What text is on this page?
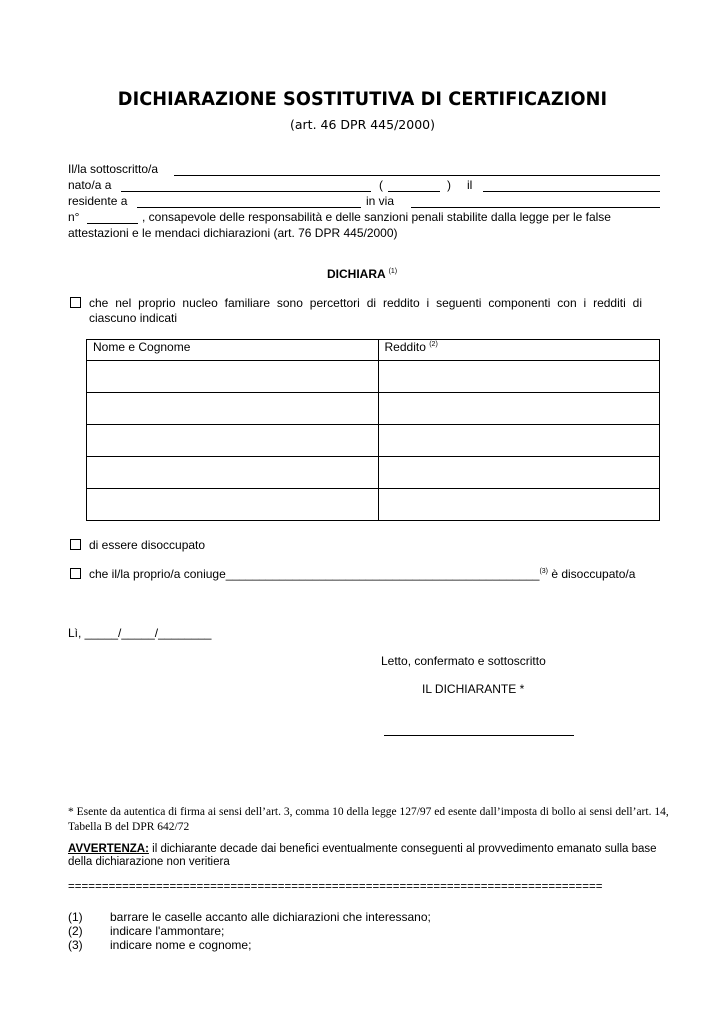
DICHIARAZIONE SOSTITUTIVA DI CERTIFICAZIONI
(art. 46 DPR 445/2000)
Il/la sottoscritto/a
nato/a a	(	) il
residente a	in via
n°	, consapevole delle responsabilità e delle sanzioni penali stabilite dalla legge per le false
attestazioni e le mendaci dichiarazioni (art. 76 DPR 445/2000)
DICHIARA $^{(1)}$
che nel proprio nucleo familiare sono percettori di reddito i seguenti componenti con i redditi di
ciascuno indicati
Nome e Cognome	Reddito $^{(2)}$

di essere disoccupato
che il/la proprio/a coniuge_______________________________________________$^{(3)}$ è disoccupato/a
Lì, _____/_____/________
Letto, confermato e sottoscritto
IL DICHIARANTE *
* Esente da autentica di firma ai sensi dell’art. 3, comma 10 della legge 127/97 ed esente dall’imposta di bollo ai sensi dell’art. 14,
Tabella B del DPR 642/72
AVVERTENZA: il dichiarante decade dai benefici eventualmente conseguenti al provvedimento emanato sulla base
della dichiarazione non veritiera
===============================================================================
(1) barrare le caselle accanto alle dichiarazioni che interessano;
(2) indicare l'ammontare;
(3) indicare nome e cognome;
